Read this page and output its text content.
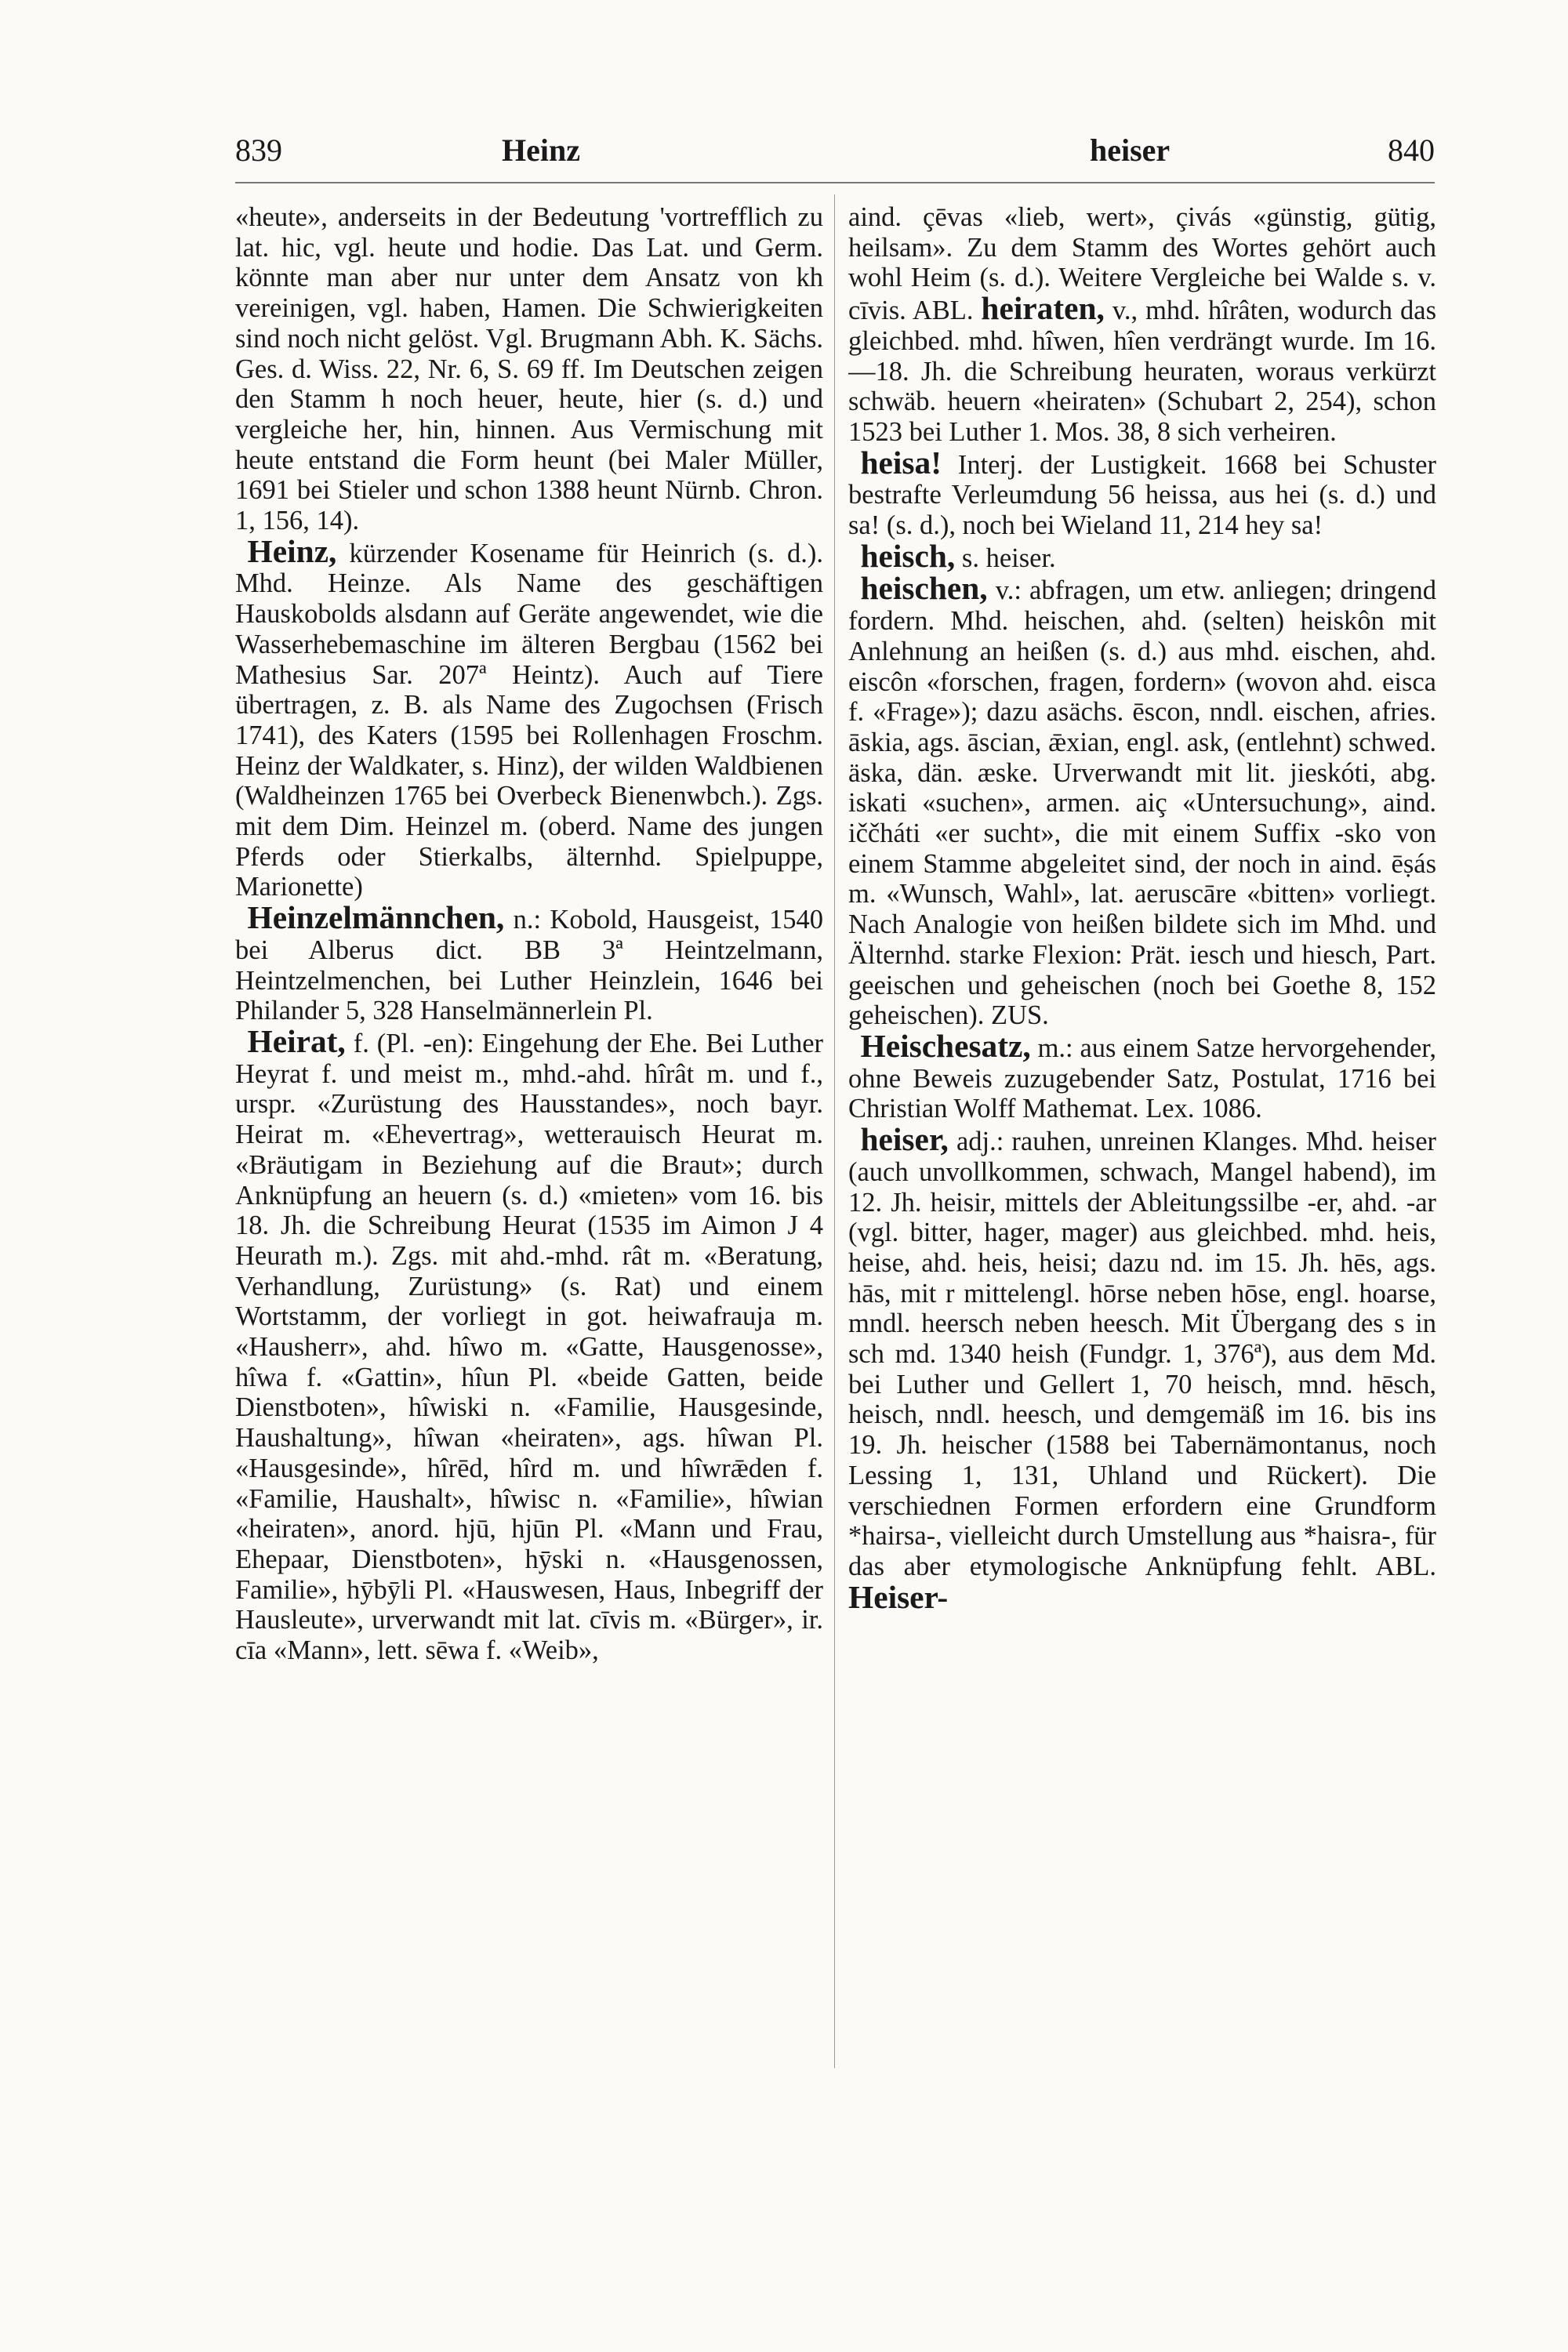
839	Heinz	heiser	840

«heute», anderseits in der Bedeutung 'vortrefflich zu lat. hic, vgl. heute und hodie. Das Lat. und Germ. könnte man aber nur unter dem Ansatz von kh vereinigen, vgl. haben, Hamen. Die Schwierigkeiten sind noch nicht gelöst. Vgl. Brugmann Abh. K. Sächs. Ges. d. Wiss. 22, Nr. 6, S. 69 ff. Im Deutschen zeigen den Stamm h noch heuer, heute, hier (s. d.) und vergleiche her, hin, hinnen. Aus Vermischung mit heute entstand die Form heunt (bei Maler Müller, 1691 bei Stieler und schon 1388 heunt Nürnb. Chron. 1, 156, 14).

Heinz, kürzender Kosename für Heinrich (s. d.). Mhd. Heinze. Als Name des geschäftigen Hauskobolds alsdann auf Geräte angewendet, wie die Wasserhebemaschine im älteren Bergbau (1562 bei Mathesius Sar. 207ª Heintz). Auch auf Tiere übertragen, z. B. als Name des Zugochsen (Frisch 1741), des Katers (1595 bei Rollenhagen Froschm. Heinz der Waldkater, s. Hinz), der wilden Waldbienen (Waldheinzen 1765 bei Overbeck Bienenwbch.). Zgs. mit dem Dim. Heinzel m. (oberd. Name des jungen Pferds oder Stierkalbs, älternhd. Spielpuppe, Marionette)

Heinzelmännchen, n.: Kobold, Hausgeist, 1540 bei Alberus dict. BB 3ª Heintzelmann, Heintzelmenchen, bei Luther Heinzlein, 1646 bei Philander 5, 328 Hanselmännerlein Pl.

Heirat, f. (Pl. -en): Eingehung der Ehe. Bei Luther Heyrat f. und meist m., mhd.-ahd. hîrât m. und f., urspr. «Zurüstung des Hausstandes», noch bayr. Heirat m. «Ehevertrag», wetterauisch Heurat m. «Bräutigam in Beziehung auf die Braut»; durch Anknüpfung an heuern (s. d.) «mieten» vom 16. bis 18. Jh. die Schreibung Heurat (1535 im Aimon J 4 Heurath m.). Zgs. mit ahd.-mhd. rât m. «Beratung, Verhandlung, Zurüstung» (s. Rat) und einem Wortstamm, der vorliegt in got. heiwafrauja m. «Hausherr», ahd. hîwo m. «Gatte, Hausgenosse», hîwa f. «Gattin», hîun Pl. «beide Gatten, beide Dienstboten», hîwiski n. «Familie, Hausgesinde, Haushaltung», hîwan «heiraten», ags. hîwan Pl. «Hausgesinde», hîrēd, hîrd m. und hîwrǣden f. «Familie, Haushalt», hîwisc n. «Familie», hîwian «heiraten», anord. hjū, hjūn Pl. «Mann und Frau, Ehepaar, Dienstboten», hȳski n. «Hausgenossen, Familie», hȳbȳli Pl. «Hauswesen, Haus, Inbegriff der Hausleute», urverwandt mit lat. cīvis m. «Bürger», ir. cīa «Mann», lett. sēwa f. «Weib»,

aind. çēvas «lieb, wert», çivás «günstig, gütig, heilsam». Zu dem Stamm des Wortes gehört auch wohl Heim (s. d.). Weitere Vergleiche bei Walde s. v. cīvis. ABL. heiraten, v., mhd. hîrâten, wodurch das gleichbed. mhd. hîwen, hîen verdrängt wurde. Im 16.—18. Jh. die Schreibung heuraten, woraus verkürzt schwäb. heuern «heiraten» (Schubart 2, 254), schon 1523 bei Luther 1. Mos. 38, 8 sich verheiren.

heisa! Interj. der Lustigkeit. 1668 bei Schuster bestrafte Verleumdung 56 heissa, aus hei (s. d.) und sa! (s. d.), noch bei Wieland 11, 214 hey sa!

heisch, s. heiser.

heischen, v.: abfragen, um etw. anliegen; dringend fordern. Mhd. heischen, ahd. (selten) heiskôn mit Anlehnung an heißen (s. d.) aus mhd. eischen, ahd. eiscôn «forschen, fragen, fordern» (wovon ahd. eisca f. «Frage»); dazu asächs. ēscon, nndl. eischen, afries. āskia, ags. āscian, ǣxian, engl. ask, (entlehnt) schwed. äska, dän. æske. Urverwandt mit lit. jieskóti, abg. iskati «suchen», armen. aiç «Untersuchung», aind. iččháti «er sucht», die mit einem Suffix -sko von einem Stamme abgeleitet sind, der noch in aind. ēṣás m. «Wunsch, Wahl», lat. aeruscāre «bitten» vorliegt. Nach Analogie von heißen bildete sich im Mhd. und Älternhd. starke Flexion: Prät. iesch und hiesch, Part. geeischen und geheischen (noch bei Goethe 8, 152 geheischen). ZUS.

Heischesatz, m.: aus einem Satze hervorgehender, ohne Beweis zuzugebender Satz, Postulat, 1716 bei Christian Wolff Mathemat. Lex. 1086.

heiser, adj.: rauhen, unreinen Klanges. Mhd. heiser (auch unvollkommen, schwach, Mangel habend), im 12. Jh. heisir, mittels der Ableitungssilbe -er, ahd. -ar (vgl. bitter, hager, mager) aus gleichbed. mhd. heis, heise, ahd. heis, heisi; dazu nd. im 15. Jh. hēs, ags. hās, mit r mittelengl. hōrse neben hōse, engl. hoarse, mndl. heersch neben heesch. Mit Übergang des s in sch md. 1340 heish (Fundgr. 1, 376ª), aus dem Md. bei Luther und Gellert 1, 70 heisch, mnd. hēsch, heisch, nndl. heesch, und demgemäß im 16. bis ins 19. Jh. heischer (1588 bei Tabernämontanus, noch Lessing 1, 131, Uhland und Rückert). Die verschiednen Formen erfordern eine Grundform *hairsa-, vielleicht durch Umstellung aus *haisra-, für das aber etymologische Anknüpfung fehlt. ABL. Heiser-
